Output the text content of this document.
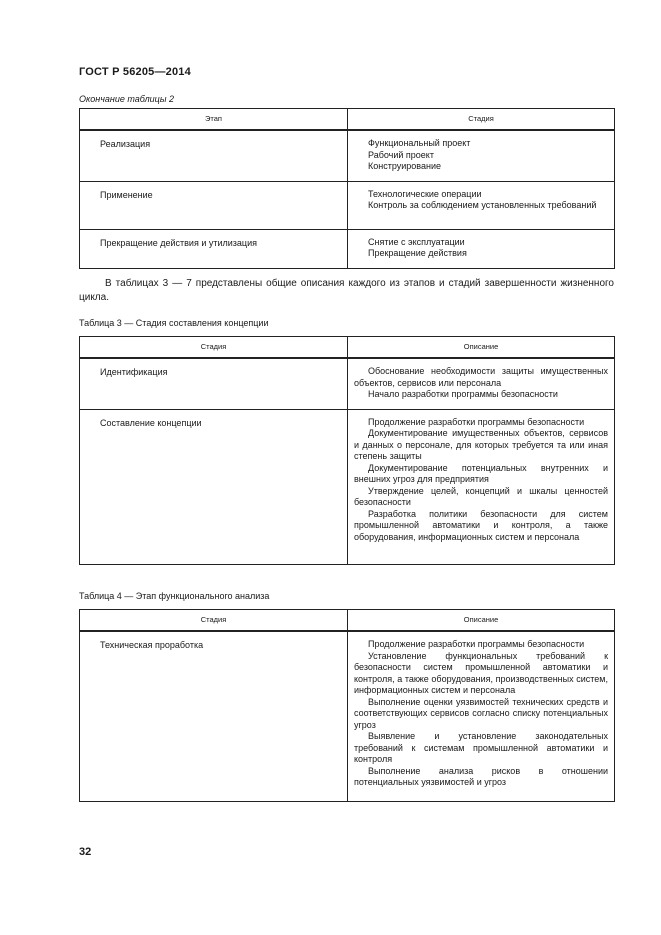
ГОСТ Р 56205—2014
Окончание таблицы 2
Этап	Стадия

Реализация	Функциональный проект
Рабочий проект
Конструирование

Применение	Технологические операции
Контроль за соблюдением установленных требований

Прекращение действия и утилизация	Снятие с эксплуатации
Прекращение действия
В таблицах 3 — 7 представлены общие описания каждого из этапов и стадий завершенности жизненного цикла.
Таблица 3 — Стадия составления концепции
Стадия	Описание

Идентификация	Обоснование необходимости защиты имущественных объектов, сервисов или персонала
Начало разработки программы безопасности

Составление концепции	Продолжение разработки программы безопасности
Документирование имущественных объектов, сервисов и данных о персонале, для которых требуется та или иная степень защиты
Документирование потенциальных внутренних и внешних угроз для предприятия
Утверждение целей, концепций и шкалы ценностей безопасности
Разработка политики безопасности для систем промышленной автоматики и контроля, а также оборудования, информационных систем и персонала
Таблица 4 — Этап функционального анализа
Стадия	Описание

Техническая проработка	Продолжение разработки программы безопасности
Установление функциональных требований к безопасности систем промышленной автоматики и контроля, а также оборудования, производственных систем, информационных систем и персонала
Выполнение оценки уязвимостей технических средств и соответствующих сервисов согласно списку потенциальных угроз
Выявление и установление законодательных требований к системам промышленной автоматики и контроля
Выполнение анализа рисков в отношении потенциальных уязвимостей и угроз
32
